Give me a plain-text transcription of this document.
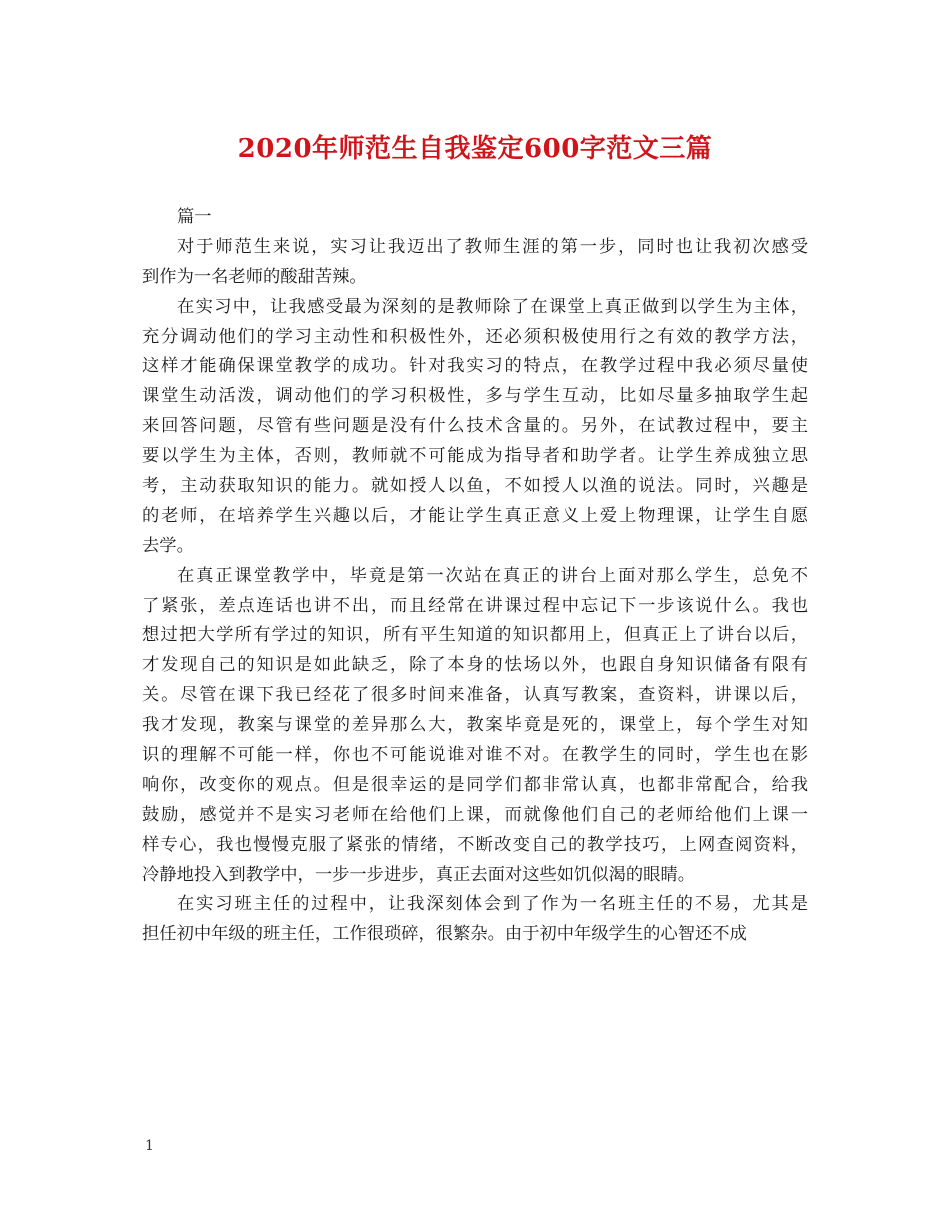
2020年师范生自我鉴定600字范文三篇
篇一
对于师范生来说，实习让我迈出了教师生涯的第一步，同时也让我初次感受
到作为一名老师的酸甜苦辣。
在实习中，让我感受最为深刻的是教师除了在课堂上真正做到以学生为主体，
充分调动他们的学习主动性和积极性外，还必须积极使用行之有效的教学方法，
这样才能确保课堂教学的成功。针对我实习的特点，在教学过程中我必须尽量使
课堂生动活泼，调动他们的学习积极性，多与学生互动，比如尽量多抽取学生起
来回答问题，尽管有些问题是没有什么技术含量的。另外，在试教过程中，要主
要以学生为主体，否则，教师就不可能成为指导者和助学者。让学生养成独立思
考，主动获取知识的能力。就如授人以鱼，不如授人以渔的说法。同时，兴趣是
的老师，在培养学生兴趣以后，才能让学生真正意义上爱上物理课，让学生自愿
去学。
在真正课堂教学中，毕竟是第一次站在真正的讲台上面对那么学生，总免不
了紧张，差点连话也讲不出，而且经常在讲课过程中忘记下一步该说什么。我也
想过把大学所有学过的知识，所有平生知道的知识都用上，但真正上了讲台以后，
才发现自己的知识是如此缺乏，除了本身的怯场以外，也跟自身知识储备有限有
关。尽管在课下我已经花了很多时间来准备，认真写教案，查资料，讲课以后，
我才发现，教案与课堂的差异那么大，教案毕竟是死的，课堂上，每个学生对知
识的理解不可能一样，你也不可能说谁对谁不对。在教学生的同时，学生也在影
响你，改变你的观点。但是很幸运的是同学们都非常认真，也都非常配合，给我
鼓励，感觉并不是实习老师在给他们上课，而就像他们自己的老师给他们上课一
样专心，我也慢慢克服了紧张的情绪，不断改变自己的教学技巧，上网查阅资料，
冷静地投入到教学中，一步一步进步，真正去面对这些如饥似渴的眼睛。
在实习班主任的过程中，让我深刻体会到了作为一名班主任的不易，尤其是
担任初中年级的班主任，工作很琐碎，很繁杂。由于初中年级学生的心智还不成
1
